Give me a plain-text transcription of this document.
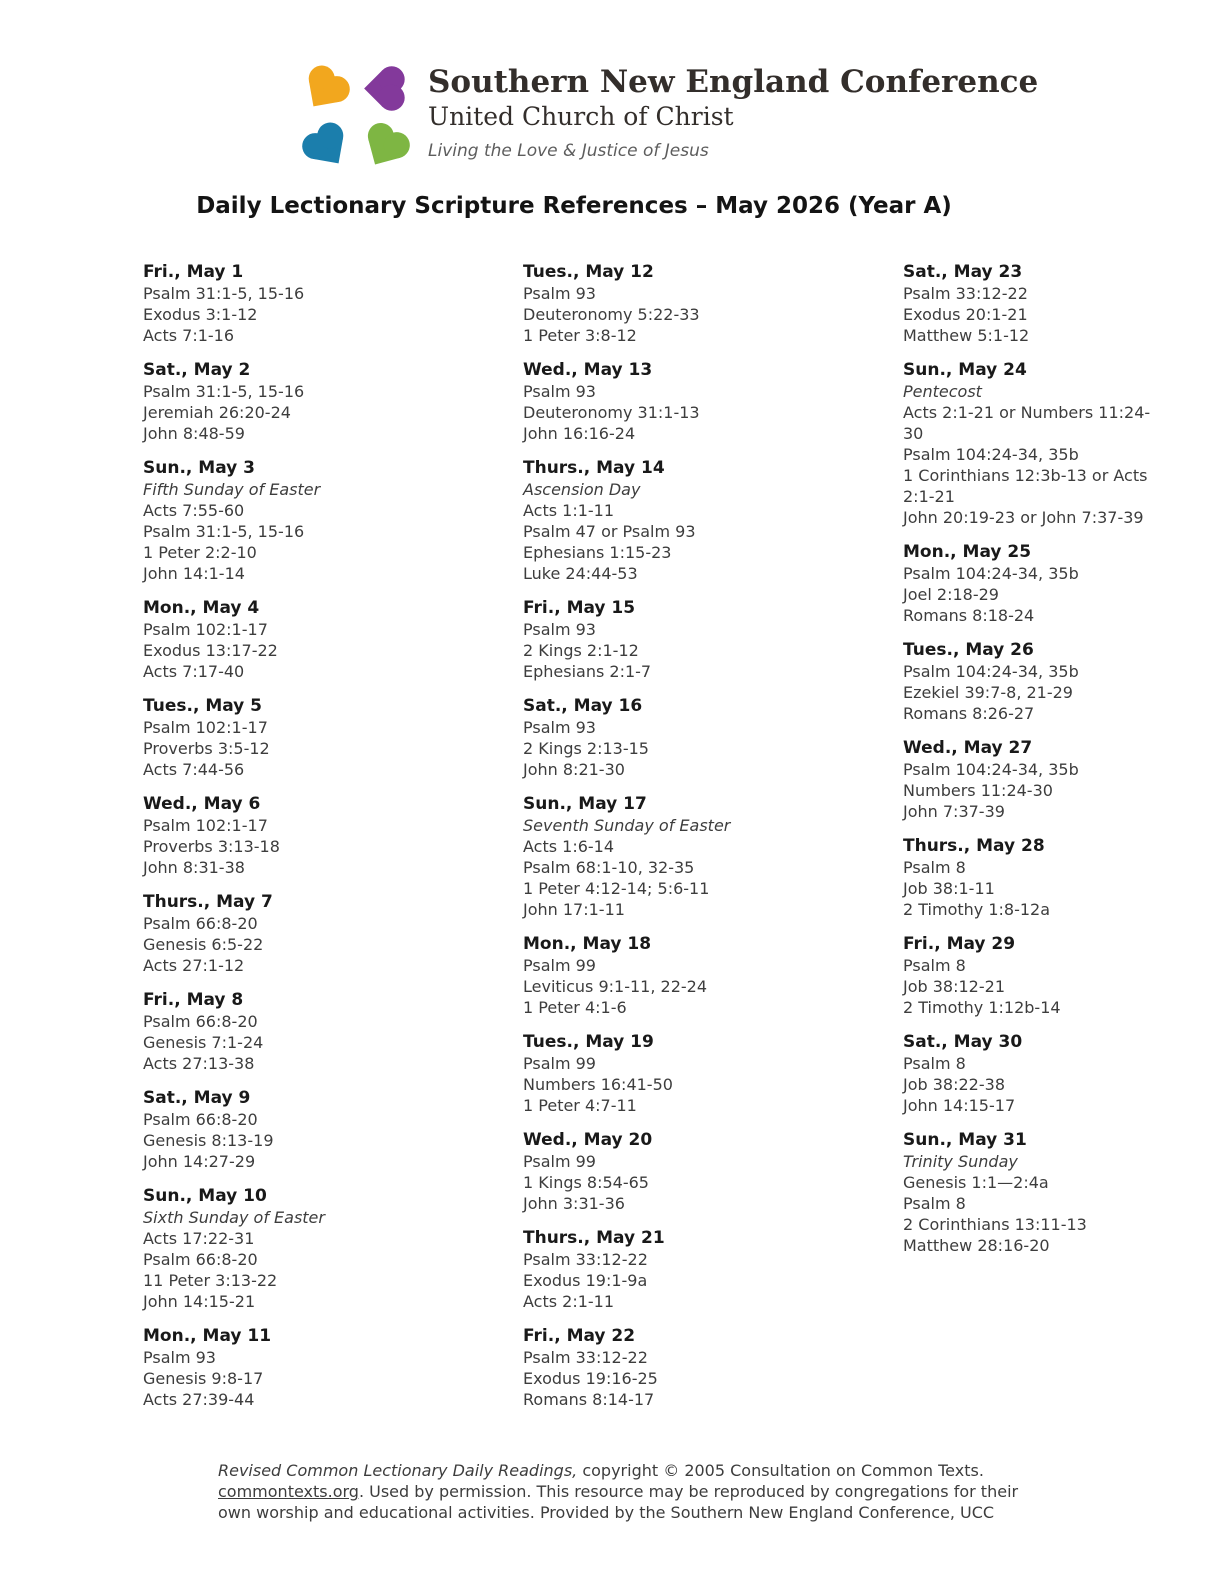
Southern New England Conference
United Church of Christ
Living the Love & Justice of Jesus
Daily Lectionary Scripture References – May 2026 (Year A)
Fri., May 1
Psalm 31:1-5, 15-16
Exodus 3:1-12
Acts 7:1-16
Sat., May 2
Psalm 31:1-5, 15-16
Jeremiah 26:20-24
John 8:48-59
Sun., May 3
Fifth Sunday of Easter
Acts 7:55-60
Psalm 31:1-5, 15-16
1 Peter 2:2-10
John 14:1-14
Mon., May 4
Psalm 102:1-17
Exodus 13:17-22
Acts 7:17-40
Tues., May 5
Psalm 102:1-17
Proverbs 3:5-12
Acts 7:44-56
Wed., May 6
Psalm 102:1-17
Proverbs 3:13-18
John 8:31-38
Thurs., May 7
Psalm 66:8-20
Genesis 6:5-22
Acts 27:1-12
Fri., May 8
Psalm 66:8-20
Genesis 7:1-24
Acts 27:13-38
Sat., May 9
Psalm 66:8-20
Genesis 8:13-19
John 14:27-29
Sun., May 10
Sixth Sunday of Easter
Acts 17:22-31
Psalm 66:8-20
11 Peter 3:13-22
John 14:15-21
Mon., May 11
Psalm 93
Genesis 9:8-17
Acts 27:39-44
Tues., May 12
Psalm 93
Deuteronomy 5:22-33
1 Peter 3:8-12
Wed., May 13
Psalm 93
Deuteronomy 31:1-13
John 16:16-24
Thurs., May 14
Ascension Day
Acts 1:1-11
Psalm 47 or Psalm 93
Ephesians 1:15-23
Luke 24:44-53
Fri., May 15
Psalm 93
2 Kings 2:1-12
Ephesians 2:1-7
Sat., May 16
Psalm 93
2 Kings 2:13-15
John 8:21-30
Sun., May 17
Seventh Sunday of Easter
Acts 1:6-14
Psalm 68:1-10, 32-35
1 Peter 4:12-14; 5:6-11
John 17:1-11
Mon., May 18
Psalm 99
Leviticus 9:1-11, 22-24
1 Peter 4:1-6
Tues., May 19
Psalm 99
Numbers 16:41-50
1 Peter 4:7-11
Wed., May 20
Psalm 99
1 Kings 8:54-65
John 3:31-36
Thurs., May 21
Psalm 33:12-22
Exodus 19:1-9a
Acts 2:1-11
Fri., May 22
Psalm 33:12-22
Exodus 19:16-25
Romans 8:14-17
Sat., May 23
Psalm 33:12-22
Exodus 20:1-21
Matthew 5:1-12
Sun., May 24
Pentecost
Acts 2:1-21 or Numbers 11:24-30
Psalm 104:24-34, 35b
1 Corinthians 12:3b-13 or Acts 2:1-21
John 20:19-23 or John 7:37-39
Mon., May 25
Psalm 104:24-34, 35b
Joel 2:18-29
Romans 8:18-24
Tues., May 26
Psalm 104:24-34, 35b
Ezekiel 39:7-8, 21-29
Romans 8:26-27
Wed., May 27
Psalm 104:24-34, 35b
Numbers 11:24-30
John 7:37-39
Thurs., May 28
Psalm 8
Job 38:1-11
2 Timothy 1:8-12a
Fri., May 29
Psalm 8
Job 38:12-21
2 Timothy 1:12b-14
Sat., May 30
Psalm 8
Job 38:22-38
John 14:15-17
Sun., May 31
Trinity Sunday
Genesis 1:1—2:4a
Psalm 8
2 Corinthians 13:11-13
Matthew 28:16-20

Revised Common Lectionary Daily Readings, copyright © 2005 Consultation on Common Texts. commontexts.org. Used by permission. This resource may be reproduced by congregations for their own worship and educational activities. Provided by the Southern New England Conference, UCC
